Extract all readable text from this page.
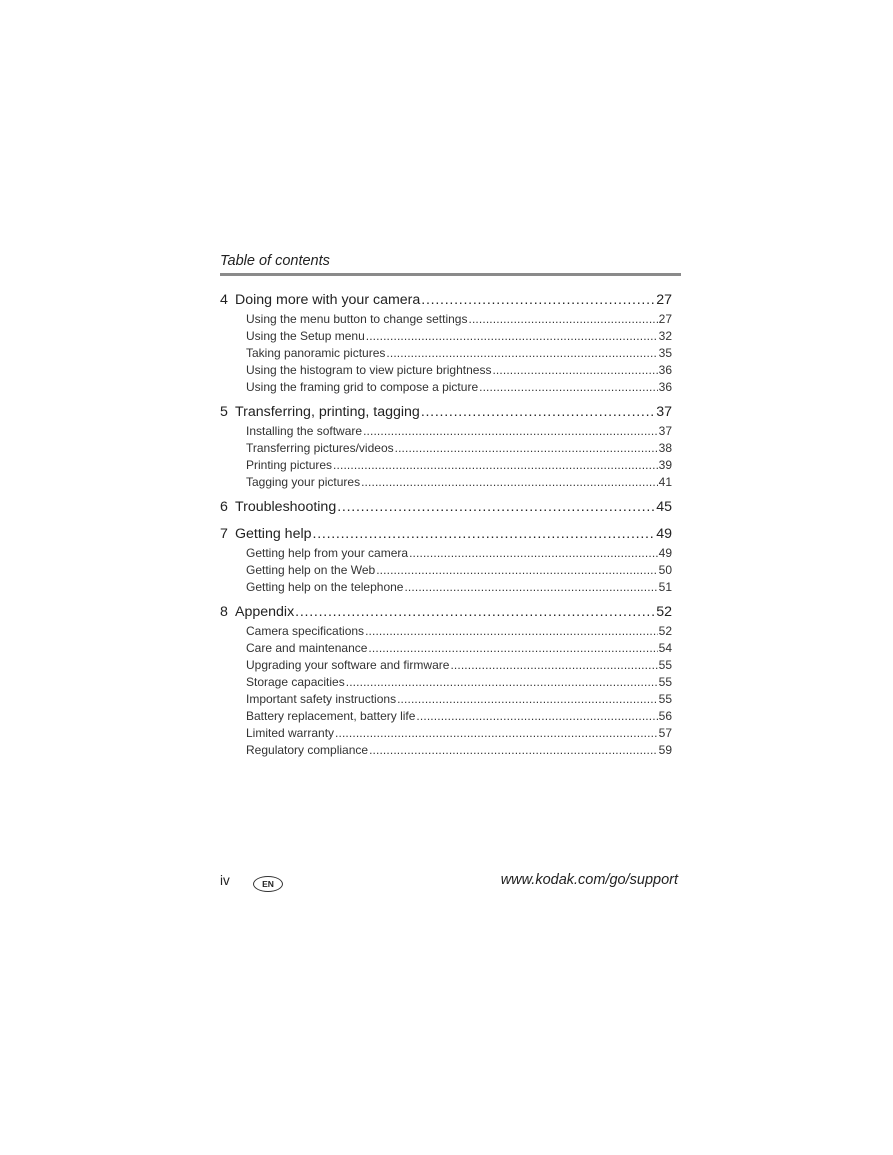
Table of contents
4 Doing more with your camera . . .	27
Using the menu button to change settings . . .	27
Using the Setup menu . . .	32
Taking panoramic pictures . . .	35
Using the histogram to view picture brightness . . .	36
Using the framing grid to compose a picture . . .	36
5 Transferring, printing, tagging . . .	37
Installing the software . . .	37
Transferring pictures/videos . . .	38
Printing pictures . . .	39
Tagging your pictures . . .	41
6 Troubleshooting . . .	45
7 Getting help . . .	49
Getting help from your camera . . .	49
Getting help on the Web . . .	50
Getting help on the telephone . . .	51
8 Appendix . . .	52
Camera specifications . . .	52
Care and maintenance . . .	54
Upgrading your software and firmware . . .	55
Storage capacities . . .	55
Important safety instructions . . .	55
Battery replacement, battery life . . .	56
Limited warranty . . .	57
Regulatory compliance . . .	59
iv	EN	www.kodak.com/go/support
